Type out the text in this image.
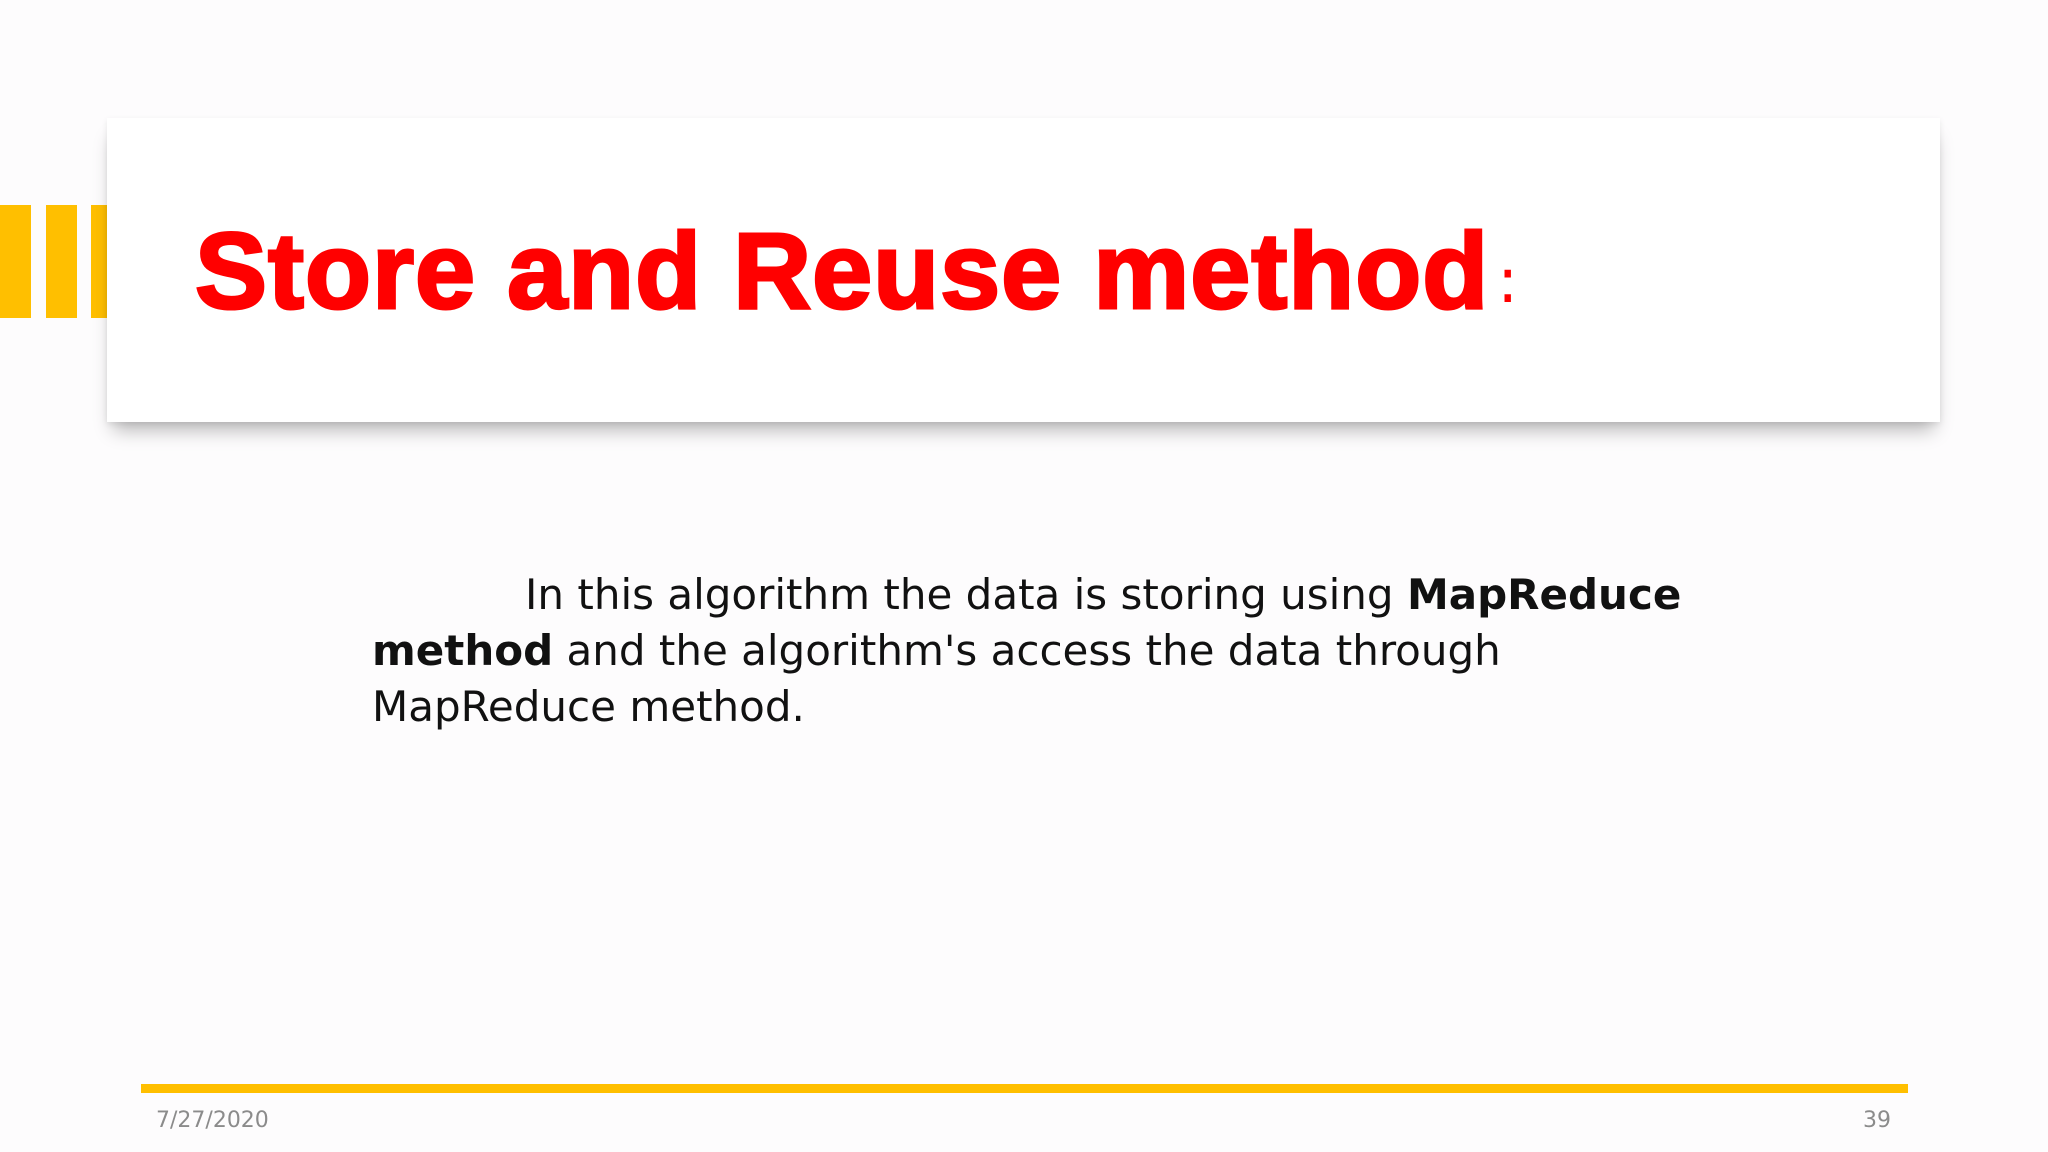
Store and Reuse method :

In this algorithm the data is storing using MapReduce method and the algorithm's access the data through MapReduce method.

7/27/2020	39
